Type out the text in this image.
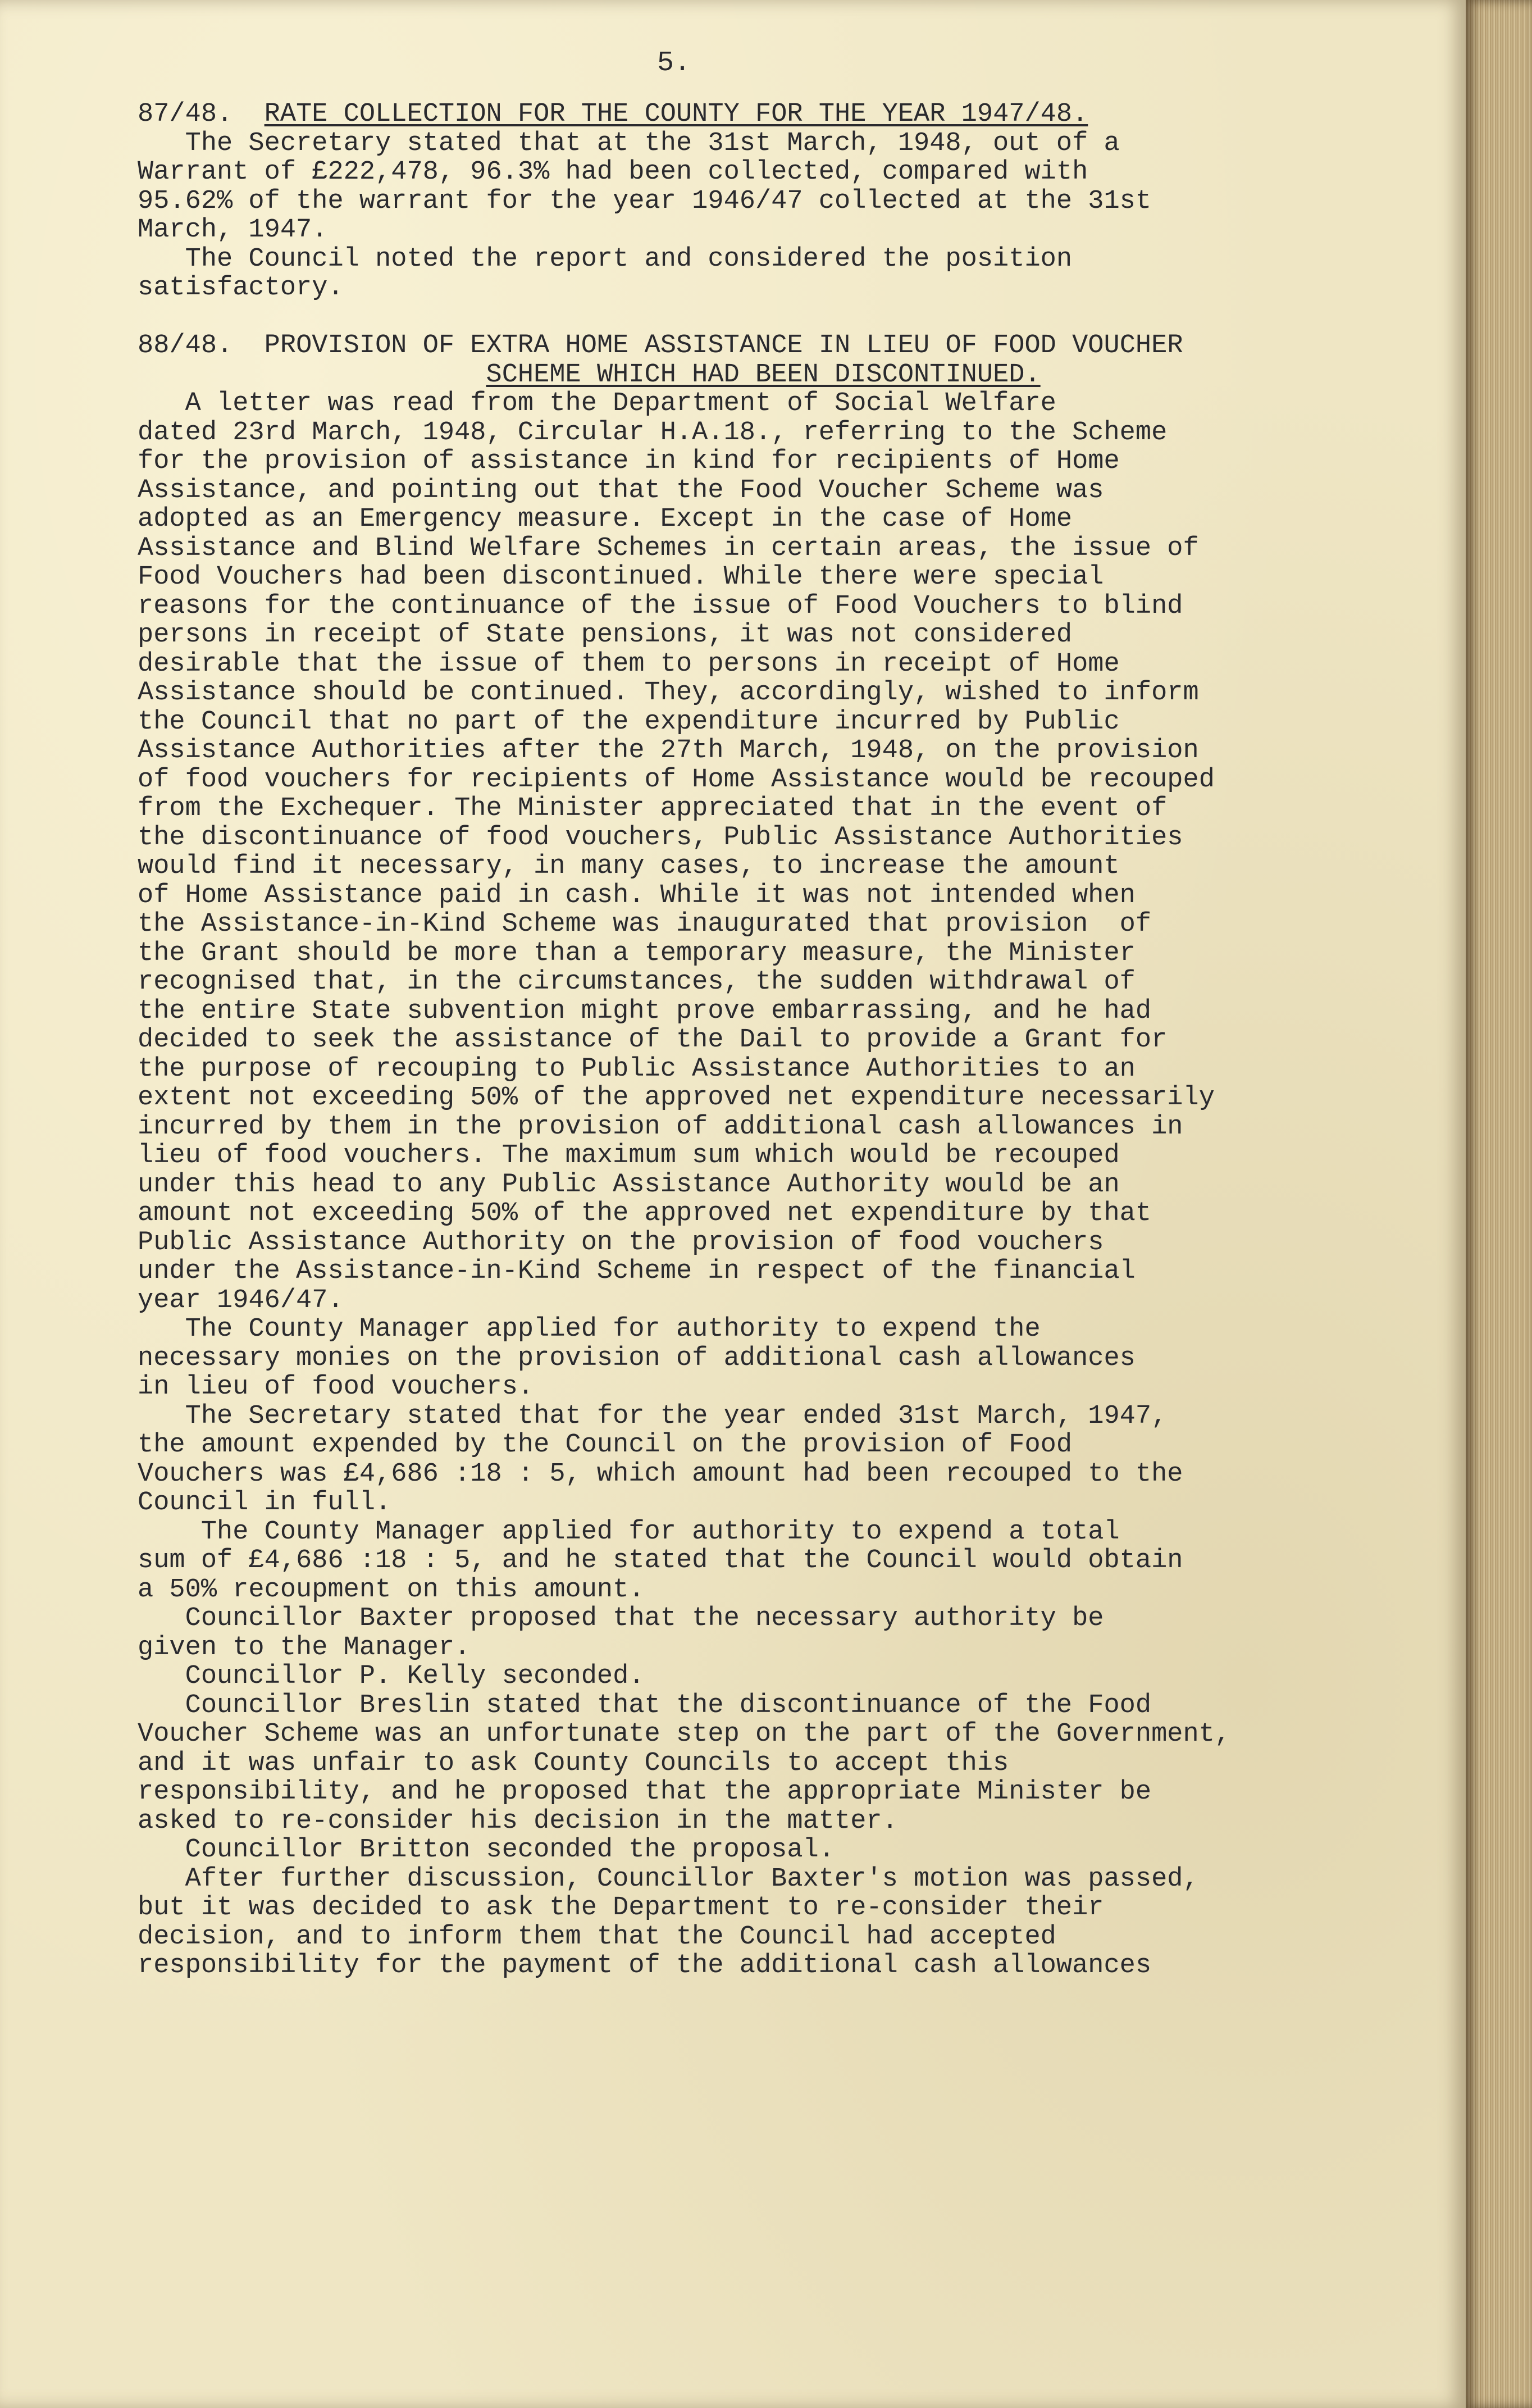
5.
87/48. RATE COLLECTION FOR THE COUNTY FOR THE YEAR 1947/48.
The Secretary stated that at the 31st March, 1948, out of a
Warrant of £222,478, 96.3% had been collected, compared with
95.62% of the warrant for the year 1946/47 collected at the 31st
March, 1947.
The Council noted the report and considered the position
satisfactory.
88/48. PROVISION OF EXTRA HOME ASSISTANCE IN LIEU OF FOOD VOUCHER
SCHEME WHICH HAD BEEN DISCONTINUED.
A letter was read from the Department of Social Welfare
dated 23rd March, 1948, Circular H.A.18., referring to the Scheme
for the provision of assistance in kind for recipients of Home
Assistance, and pointing out that the Food Voucher Scheme was
adopted as an Emergency measure. Except in the case of Home
Assistance and Blind Welfare Schemes in certain areas, the issue of
Food Vouchers had been discontinued. While there were special
reasons for the continuance of the issue of Food Vouchers to blind
persons in receipt of State pensions, it was not considered
desirable that the issue of them to persons in receipt of Home
Assistance should be continued. They, accordingly, wished to inform
the Council that no part of the expenditure incurred by Public
Assistance Authorities after the 27th March, 1948, on the provision
of food vouchers for recipients of Home Assistance would be recouped
from the Exchequer. The Minister appreciated that in the event of
the discontinuance of food vouchers, Public Assistance Authorities
would find it necessary, in many cases, to increase the amount
of Home Assistance paid in cash. While it was not intended when
the Assistance-in-Kind Scheme was inaugurated that provision  of
the Grant should be more than a temporary measure, the Minister
recognised that, in the circumstances, the sudden withdrawal of
the entire State subvention might prove embarrassing, and he had
decided to seek the assistance of the Dail to provide a Grant for
the purpose of recouping to Public Assistance Authorities to an
extent not exceeding 50% of the approved net expenditure necessarily
incurred by them in the provision of additional cash allowances in
lieu of food vouchers. The maximum sum which would be recouped
under this head to any Public Assistance Authority would be an
amount not exceeding 50% of the approved net expenditure by that
Public Assistance Authority on the provision of food vouchers
under the Assistance-in-Kind Scheme in respect of the financial
year 1946/47.
The County Manager applied for authority to expend the
necessary monies on the provision of additional cash allowances
in lieu of food vouchers.
The Secretary stated that for the year ended 31st March, 1947,
the amount expended by the Council on the provision of Food
Vouchers was £4,686 :18 : 5, which amount had been recouped to the
Council in full.
The County Manager applied for authority to expend a total
sum of £4,686 :18 : 5, and he stated that the Council would obtain
a 50% recoupment on this amount.
Councillor Baxter proposed that the necessary authority be
given to the Manager.
Councillor P. Kelly seconded.
Councillor Breslin stated that the discontinuance of the Food
Voucher Scheme was an unfortunate step on the part of the Government,
and it was unfair to ask County Councils to accept this
responsibility, and he proposed that the appropriate Minister be
asked to re-consider his decision in the matter.
Councillor Britton seconded the proposal.
After further discussion, Councillor Baxter's motion was passed,
but it was decided to ask the Department to re-consider their
decision, and to inform them that the Council had accepted
responsibility for the payment of the additional cash allowances
